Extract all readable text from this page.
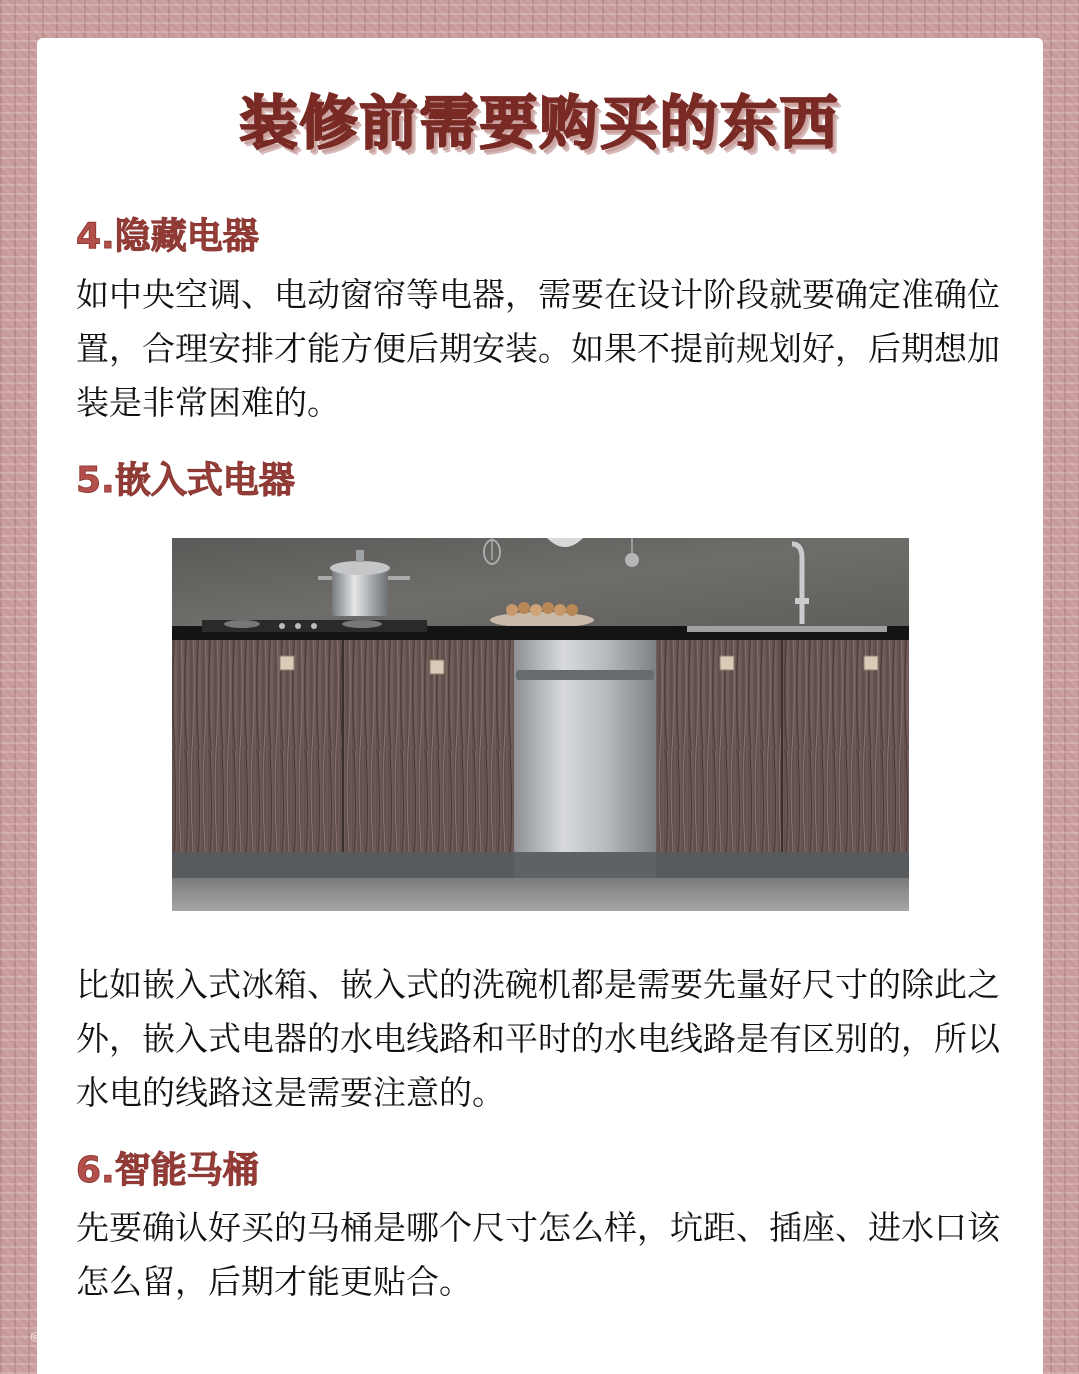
装修前需要购买的东西
4.隐藏电器

如中央空调、电动窗帘等电器，需要在设计阶段就要确定准确位置，合理安排才能方便后期安装。如果不提前规划好，后期想加装是非常困难的。

5.嵌入式电器

比如嵌入式冰箱、嵌入式的洗碗机都是需要先量好尺寸的除此之外，嵌入式电器的水电线路和平时的水电线路是有区别的，所以水电的线路这是需要注意的。

6.智能马桶

先要确认好买的马桶是哪个尺寸怎么样，坑距、插座、进水口该怎么留，后期才能更贴合。

@小红书@山西新市时丰装饰
